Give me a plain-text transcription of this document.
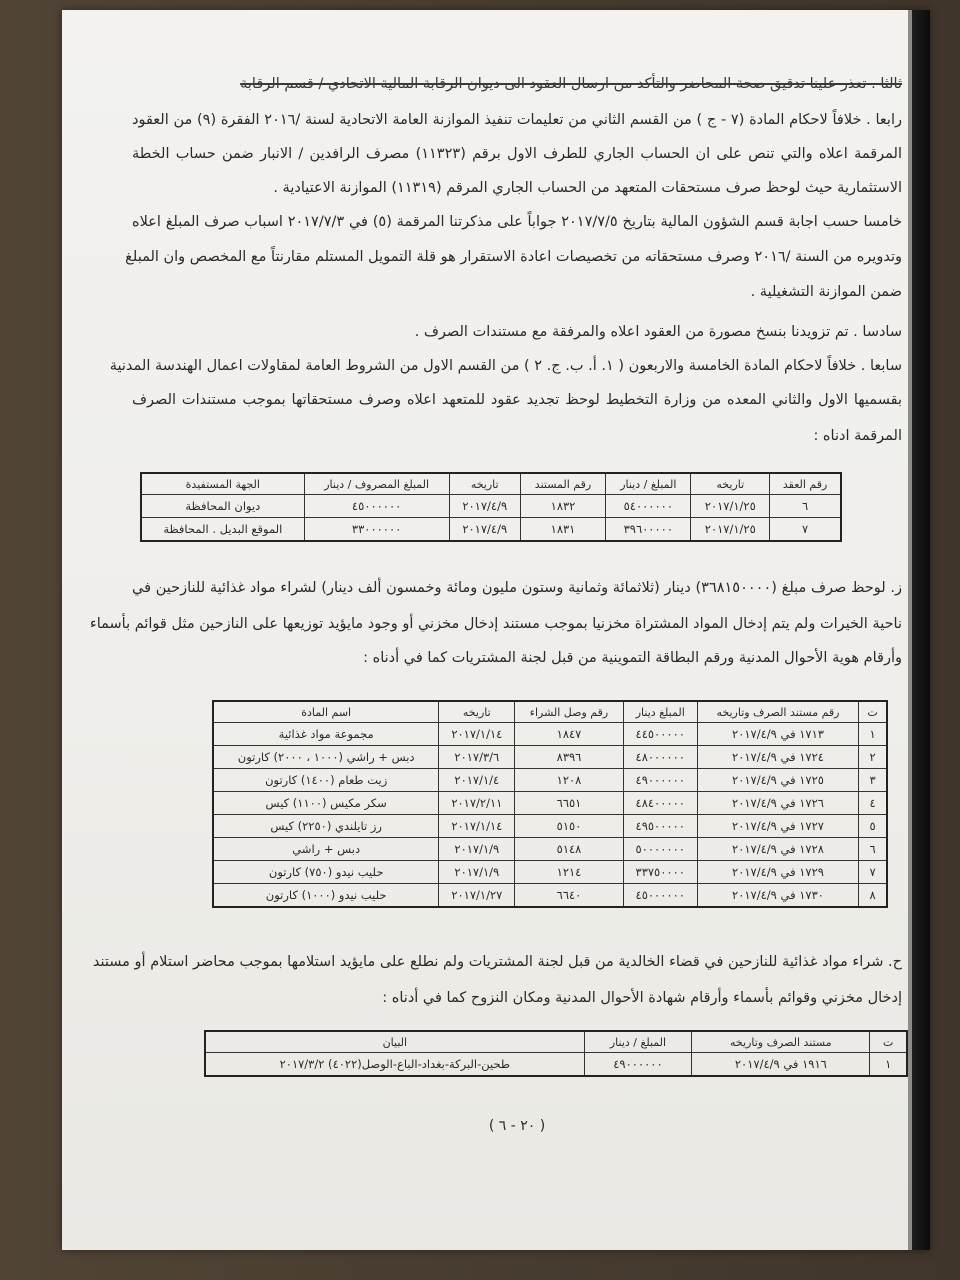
ثالثا . تعذر علينا تدقيق صحة المحاضر والتأكد من ارسال العقود الى ديوان الرقابة المالية الاتحادي / قسم الرقابة
رابعا . خلافاً لاحكام المادة (٧ - ج ) من القسم الثاني من تعليمات تنفيذ الموازنة العامة الاتحادية لسنة /٢٠١٦ الفقرة (٩) من العقود
المرقمة اعلاه والتي تنص على ان الحساب الجاري للطرف الاول برقم (١١٣٢٣) مصرف الرافدين / الانبار ضمن حساب الخطة
الاستثمارية حيث لوحظ صرف مستحقات المتعهد من الحساب الجاري المرقم (١١٣١٩) الموازنة الاعتيادية .
خامسا حسب اجابة قسم الشؤون المالية بتاريخ ٢٠١٧/٧/٥ جواباً على مذكرتنا المرقمة (٥) في ٢٠١٧/٧/٣ اسباب صرف المبلغ اعلاه
وتدويره من السنة /٢٠١٦ وصرف مستحقاته من تخصيصات اعادة الاستقرار هو قلة التمويل المستلم مقارنتاً مع المخصص وان المبلغ
ضمن الموازنة التشغيلية .
سادسا . تم تزويدنا بنسخ مصورة من العقود اعلاه والمرفقة مع مستندات الصرف .
سابعا . خلافاً لاحكام المادة الخامسة والاربعون ( ١. أ. ب. ج. ٢ ) من القسم الاول من الشروط العامة لمقاولات اعمال الهندسة المدنية
بقسميها الاول والثاني المعده من وزارة التخطيط لوحظ تجديد عقود للمتعهد اعلاه وصرف مستحقاتها بموجب مستندات الصرف
المرقمة ادناه :
رقم العقد	تاريخه	المبلغ / دينار	رقم المستند	تاريخه	المبلغ المصروف / دينار	الجهة المستفيدة
٦	٢٠١٧/١/٢٥	٥٤٠٠٠٠٠٠	١٨٣٢	٢٠١٧/٤/٩	٤٥٠٠٠٠٠٠	ديوان المحافظة
٧	٢٠١٧/١/٢٥	٣٩٦٠٠٠٠٠	١٨٣١	٢٠١٧/٤/٩	٣٣٠٠٠٠٠٠	الموقع البديل . المحافظة
ز. لوحظ صرف مبلغ (٣٦٨١٥٠٠٠٠) دينار (ثلاثمائة وثمانية وستون مليون ومائة وخمسون ألف دينار) لشراء مواد غذائية للنازحين في
ناحية الخيرات ولم يتم إدخال المواد المشتراة مخزنيا بموجب مستند إدخال مخزني أو وجود مايؤيد توزيعها على النازحين مثل قوائم بأسماء
وأرقام هوية الأحوال المدنية ورقم البطاقة التموينية من قبل لجنة المشتريات كما في أدناه :
ت	رقم مستند الصرف وتاريخه	المبلغ دينار	رقم وصل الشراء	تاريخه	اسم المادة
١	١٧١٣ في ٢٠١٧/٤/٩	٤٤٥٠٠٠٠٠	١٨٤٧	٢٠١٧/١/١٤	مجموعة مواد غذائية
٢	١٧٢٤ في ٢٠١٧/٤/٩	٤٨٠٠٠٠٠٠	٨٣٩٦	٢٠١٧/٣/٦	دبس + راشي (١٠٠٠ ، ٢٠٠٠) كارتون
٣	١٧٢٥ في ٢٠١٧/٤/٩	٤٩٠٠٠٠٠٠	١٢٠٨	٢٠١٧/١/٤	زيت طعام (١٤٠٠) كارتون
٤	١٧٢٦ في ٢٠١٧/٤/٩	٤٨٤٠٠٠٠٠	٦٦٥١	٢٠١٧/٢/١١	سكر مكيس (١١٠٠) كيس
٥	١٧٢٧ في ٢٠١٧/٤/٩	٤٩٥٠٠٠٠٠	٥١٥٠	٢٠١٧/١/١٤	رز تايلندي (٢٢٥٠) كيس
٦	١٧٢٨ في ٢٠١٧/٤/٩	٥٠٠٠٠٠٠٠	٥١٤٨	٢٠١٧/١/٩	دبس + راشي
٧	١٧٢٩ في ٢٠١٧/٤/٩	٣٣٧٥٠٠٠٠	١٢١٤	٢٠١٧/١/٩	حليب نيدو (٧٥٠) كارتون
٨	١٧٣٠ في ٢٠١٧/٤/٩	٤٥٠٠٠٠٠٠	٦٦٤٠	٢٠١٧/١/٢٧	حليب نيدو (١٠٠٠) كارتون
ح. شراء مواد غذائية للنازحين في قضاء الخالدية من قبل لجنة المشتريات ولم نطلع على مايؤيد استلامها بموجب محاضر استلام أو مستند
إدخال مخزني وقوائم بأسماء وأرقام شهادة الأحوال المدنية ومكان النزوح كما في أدناه :
ت	مستند الصرف وتاريخه	المبلغ / دينار	البيان
١	١٩١٦ في ٢٠١٧/٤/٩	٤٩٠٠٠٠٠٠	طحين-البركة-بغداد-الباع-الوصل(٤٠٢٢) ٢٠١٧/٣/٢
( ٢٠ - ٦ )
